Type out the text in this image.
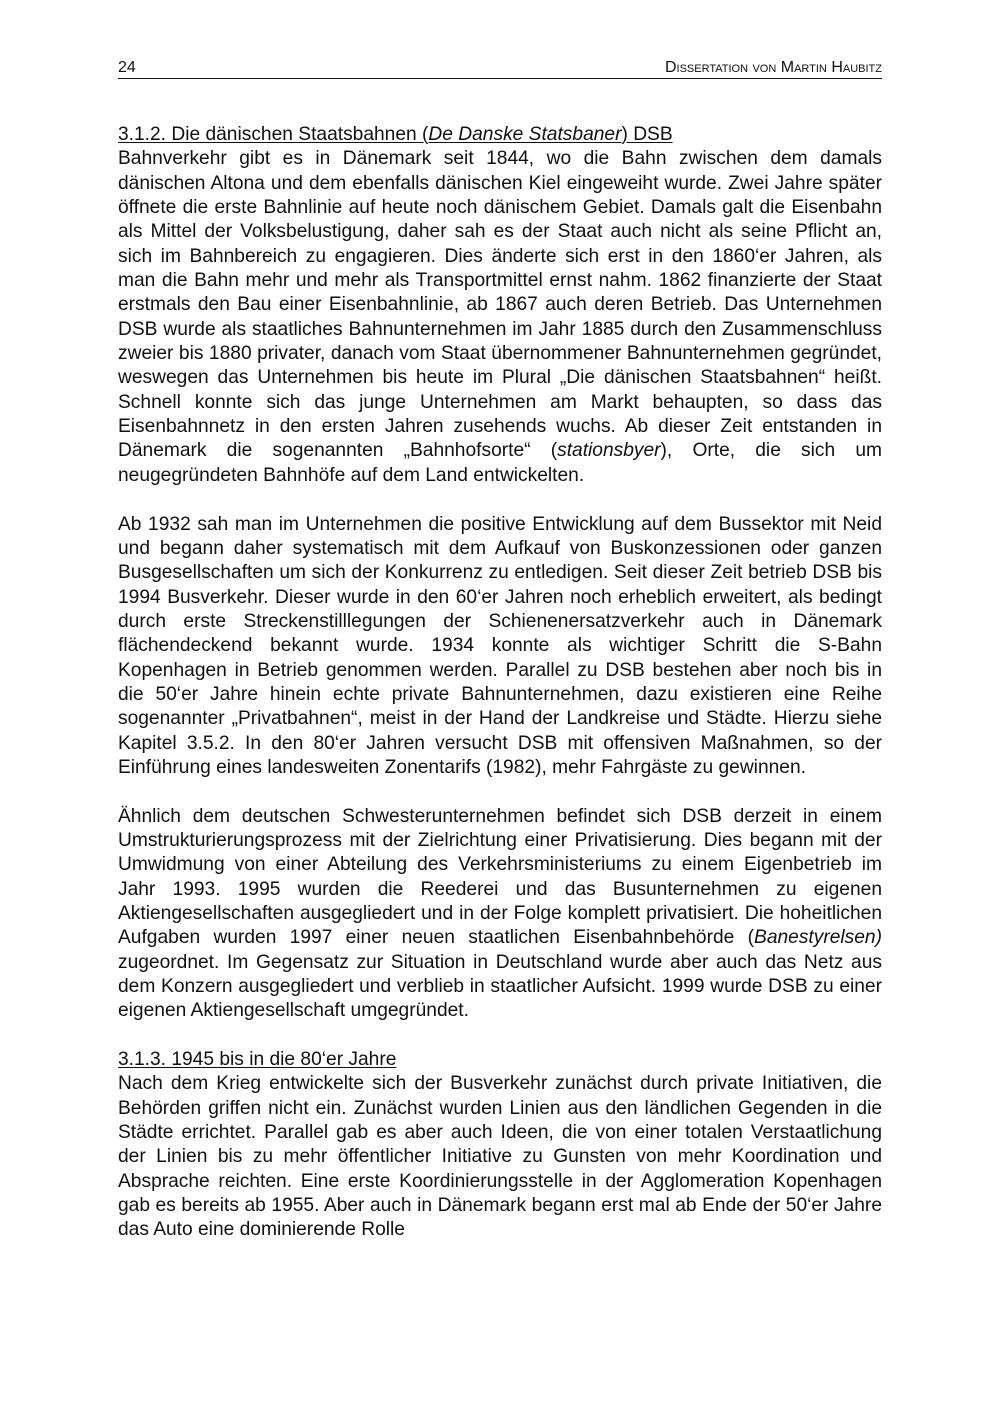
24	Dissertation von Martin Haubitz
3.1.2. Die dänischen Staatsbahnen (De Danske Statsbaner) DSB

Bahnverkehr gibt es in Dänemark seit 1844, wo die Bahn zwischen dem damals dänischen Altona und dem ebenfalls dänischen Kiel eingeweiht wurde. Zwei Jahre später öffnete die erste Bahnlinie auf heute noch dänischem Gebiet. Damals galt die Eisenbahn als Mittel der Volksbelustigung, daher sah es der Staat auch nicht als seine Pflicht an, sich im Bahnbereich zu engagieren. Dies änderte sich erst in den 1860‘er Jahren, als man die Bahn mehr und mehr als Transportmittel ernst nahm. 1862 finanzierte der Staat erstmals den Bau einer Eisenbahnlinie, ab 1867 auch deren Betrieb. Das Unternehmen DSB wurde als staatliches Bahnunternehmen im Jahr 1885 durch den Zusammenschluss zweier bis 1880 privater, danach vom Staat übernommener Bahnunternehmen gegründet, weswegen das Unternehmen bis heute im Plural „Die dänischen Staatsbahnen“ heißt. Schnell konnte sich das junge Unternehmen am Markt behaupten, so dass das Eisenbahnnetz in den ersten Jahren zusehends wuchs. Ab dieser Zeit entstanden in Dänemark die sogenannten „Bahnhofsorte“ (stationsbyer), Orte, die sich um neugegründeten Bahnhöfe auf dem Land entwickelten.

Ab 1932 sah man im Unternehmen die positive Entwicklung auf dem Bussektor mit Neid und begann daher systematisch mit dem Aufkauf von Buskonzessionen oder ganzen Busgesellschaften um sich der Konkurrenz zu entledigen. Seit dieser Zeit betrieb DSB bis 1994 Busverkehr. Dieser wurde in den 60‘er Jahren noch erheblich erweitert, als bedingt durch erste Streckenstilllegungen der Schienenersatzverkehr auch in Dänemark flächendeckend bekannt wurde. 1934 konnte als wichtiger Schritt die S-Bahn Kopenhagen in Betrieb genommen werden. Parallel zu DSB bestehen aber noch bis in die 50‘er Jahre hinein echte private Bahnunternehmen, dazu existieren eine Reihe sogenannter „Privatbahnen“, meist in der Hand der Landkreise und Städte. Hierzu siehe Kapitel 3.5.2. In den 80‘er Jahren versucht DSB mit offensiven Maßnahmen, so der Einführung eines landesweiten Zonentarifs (1982), mehr Fahrgäste zu gewinnen.

Ähnlich dem deutschen Schwesterunternehmen befindet sich DSB derzeit in einem Umstrukturierungsprozess mit der Zielrichtung einer Privatisierung. Dies begann mit der Umwidmung von einer Abteilung des Verkehrsministeriums zu einem Eigenbetrieb im Jahr 1993. 1995 wurden die Reederei und das Busunternehmen zu eigenen Aktiengesellschaften ausgegliedert und in der Folge komplett privatisiert. Die hoheitlichen Aufgaben wurden 1997 einer neuen staatlichen Eisenbahnbehörde (Banestyrelsen) zugeordnet. Im Gegensatz zur Situation in Deutschland wurde aber auch das Netz aus dem Konzern ausgegliedert und verblieb in staatlicher Aufsicht. 1999 wurde DSB zu einer eigenen Aktiengesellschaft umgegründet.

3.1.3. 1945 bis in die 80‘er Jahre

Nach dem Krieg entwickelte sich der Busverkehr zunächst durch private Initiativen, die Behörden griffen nicht ein. Zunächst wurden Linien aus den ländlichen Gegenden in die Städte errichtet. Parallel gab es aber auch Ideen, die von einer totalen Verstaatlichung der Linien bis zu mehr öffentlicher Initiative zu Gunsten von mehr Koordination und Absprache reichten. Eine erste Koordinierungsstelle in der Agglomeration Kopenhagen gab es bereits ab 1955. Aber auch in Dänemark begann erst mal ab Ende der 50‘er Jahre das Auto eine dominierende Rolle
